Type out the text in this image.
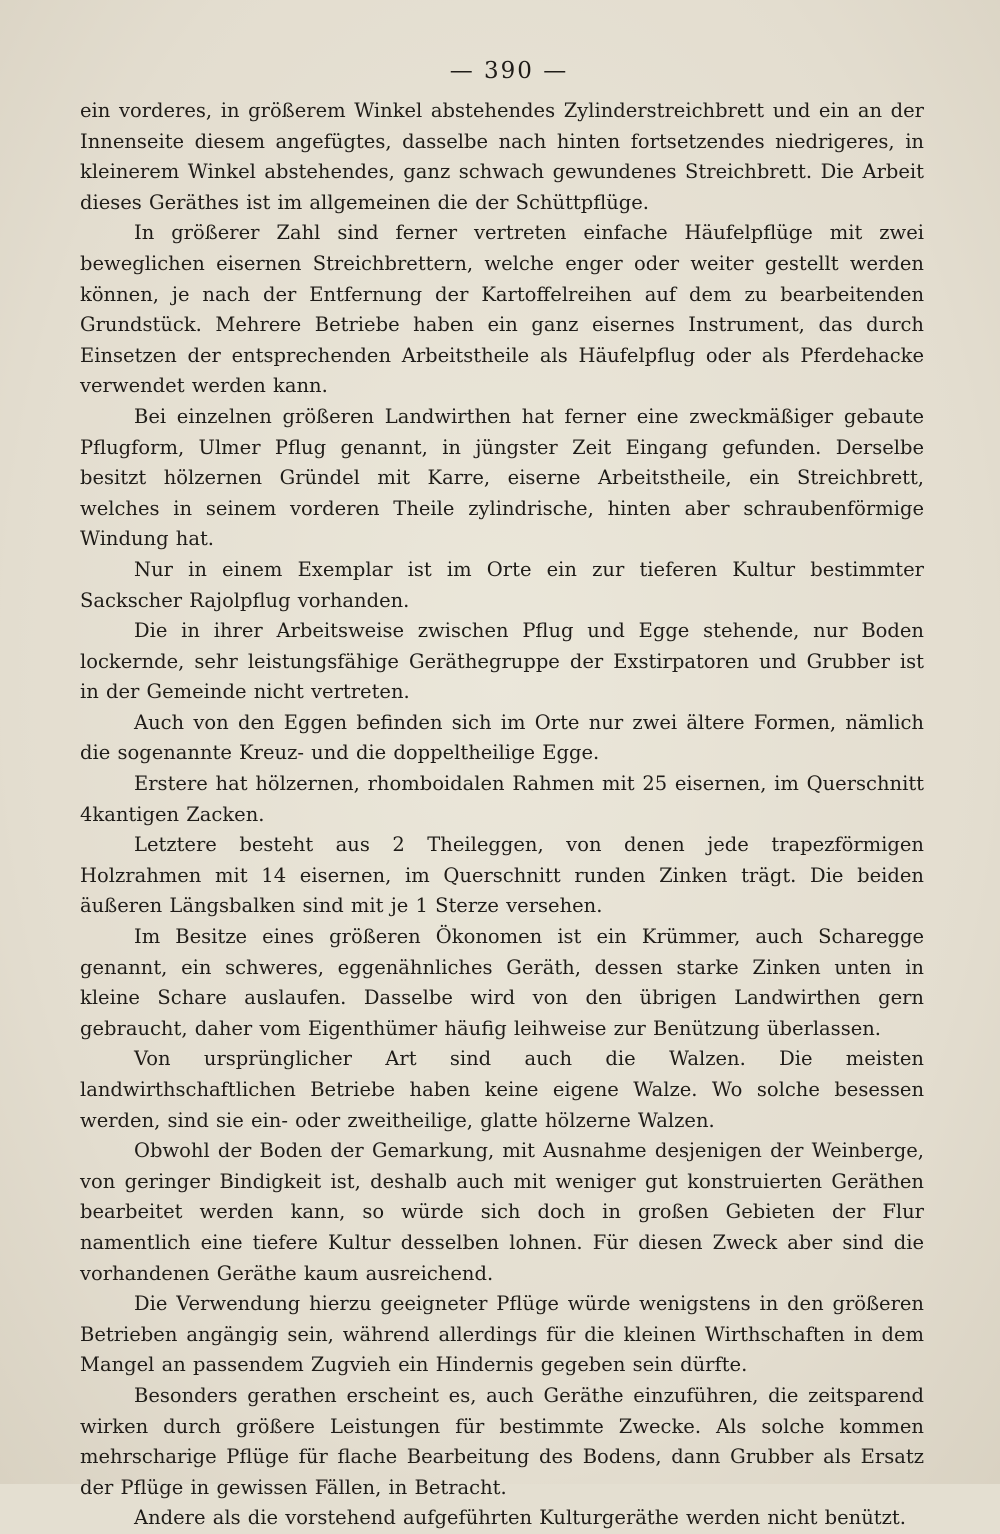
— 390 —

ein vorderes, in größerem Winkel abstehendes Zylinderstreichbrett und ein an der Innenseite diesem angefügtes, dasselbe nach hinten fortsetzendes niedrigeres, in kleinerem Winkel abstehendes, ganz schwach gewundenes Streichbrett. Die Arbeit dieses Geräthes ist im allgemeinen die der Schüttpflüge.

In größerer Zahl sind ferner vertreten einfache Häufelpflüge mit zwei beweglichen eisernen Streichbrettern, welche enger oder weiter gestellt werden können, je nach der Entfernung der Kartoffelreihen auf dem zu bearbeitenden Grundstück. Mehrere Betriebe haben ein ganz eisernes Instrument, das durch Einsetzen der entsprechenden Arbeitstheile als Häufelpflug oder als Pferdehacke verwendet werden kann.

Bei einzelnen größeren Landwirthen hat ferner eine zweckmäßiger gebaute Pflugform, Ulmer Pflug genannt, in jüngster Zeit Eingang gefunden. Derselbe besitzt hölzernen Gründel mit Karre, eiserne Arbeitstheile, ein Streichbrett, welches in seinem vorderen Theile zylindrische, hinten aber schraubenförmige Windung hat.

Nur in einem Exemplar ist im Orte ein zur tieferen Kultur bestimmter Sackscher Rajolpflug vorhanden.

Die in ihrer Arbeitsweise zwischen Pflug und Egge stehende, nur Boden lockernde, sehr leistungsfähige Geräthegruppe der Exstirpatoren und Grubber ist in der Gemeinde nicht vertreten.

Auch von den Eggen befinden sich im Orte nur zwei ältere Formen, nämlich die sogenannte Kreuz- und die doppeltheilige Egge.

Erstere hat hölzernen, rhomboidalen Rahmen mit 25 eisernen, im Querschnitt 4kantigen Zacken.

Letztere besteht aus 2 Theileggen, von denen jede trapezförmigen Holzrahmen mit 14 eisernen, im Querschnitt runden Zinken trägt. Die beiden äußeren Längsbalken sind mit je 1 Sterze versehen.

Im Besitze eines größeren Ökonomen ist ein Krümmer, auch Scharegge genannt, ein schweres, eggenähnliches Geräth, dessen starke Zinken unten in kleine Schare auslaufen. Dasselbe wird von den übrigen Landwirthen gern gebraucht, daher vom Eigenthümer häufig leihweise zur Benützung überlassen.

Von ursprünglicher Art sind auch die Walzen. Die meisten landwirthschaftlichen Betriebe haben keine eigene Walze. Wo solche besessen werden, sind sie ein- oder zweitheilige, glatte hölzerne Walzen.

Obwohl der Boden der Gemarkung, mit Ausnahme desjenigen der Weinberge, von geringer Bindigkeit ist, deshalb auch mit weniger gut konstruierten Geräthen bearbeitet werden kann, so würde sich doch in großen Gebieten der Flur namentlich eine tiefere Kultur desselben lohnen. Für diesen Zweck aber sind die vorhandenen Geräthe kaum ausreichend.

Die Verwendung hierzu geeigneter Pflüge würde wenigstens in den größeren Betrieben angängig sein, während allerdings für die kleinen Wirthschaften in dem Mangel an passendem Zugvieh ein Hindernis gegeben sein dürfte.

Besonders gerathen erscheint es, auch Geräthe einzuführen, die zeitsparend wirken durch größere Leistungen für bestimmte Zwecke. Als solche kommen mehrscharige Pflüge für flache Bearbeitung des Bodens, dann Grubber als Ersatz der Pflüge in gewissen Fällen, in Betracht.

Andere als die vorstehend aufgeführten Kulturgeräthe werden nicht benützt.
